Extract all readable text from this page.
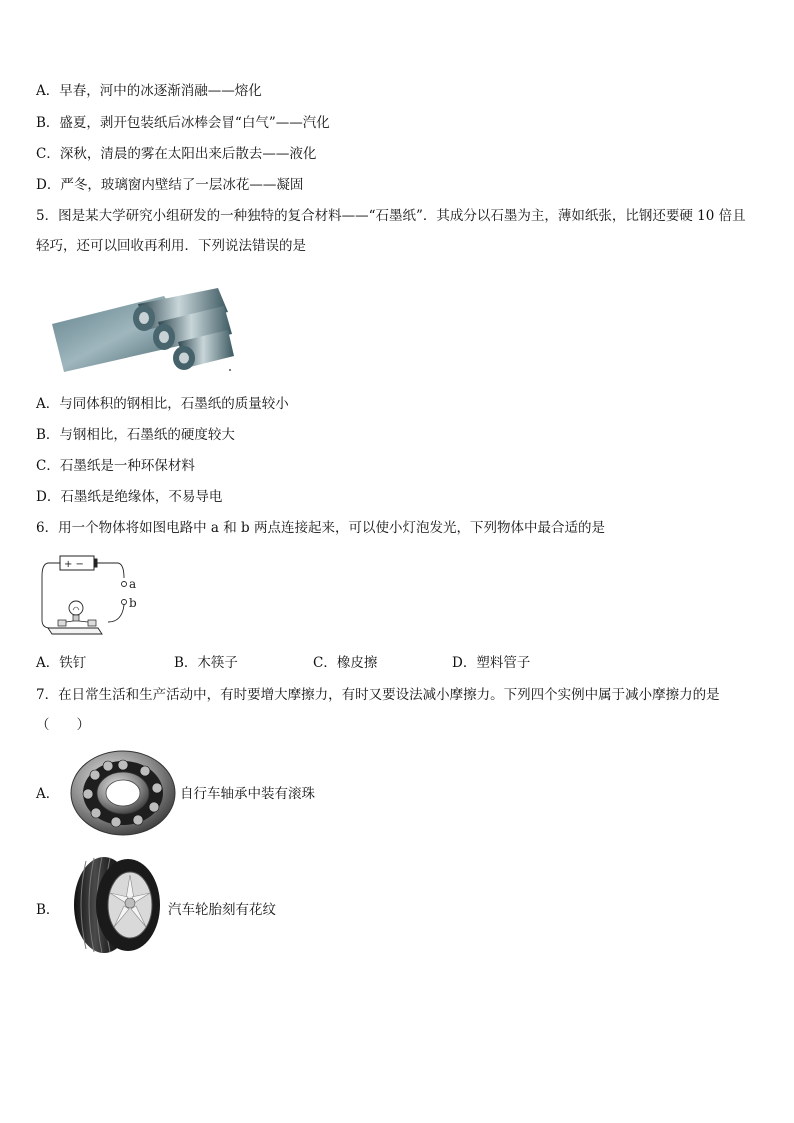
A．早春，河中的冰逐渐消融——熔化
B．盛夏，剥开包装纸后冰棒会冒“白气”——汽化
C．深秋，清晨的雾在太阳出来后散去——液化
D．严冬，玻璃窗内壁结了一层冰花——凝固
5．图是某大学研究小组研发的一种独特的复合材料——“石墨纸”．其成分以石墨为主，薄如纸张，比钢还要硬 10 倍且轻巧，还可以回收再利用．下列说法错误的是
A．与同体积的钢相比，石墨纸的质量较小
B．与钢相比，石墨纸的硬度较大
C．石墨纸是一种环保材料
D．石墨纸是绝缘体，不易导电
6．用一个物体将如图电路中 a 和 b 两点连接起来，可以使小灯泡发光，下列物体中最合适的是
+ −
a
b
A．铁钉	B．木筷子	C．橡皮擦	D．塑料管子
7．在日常生活和生产活动中，有时要增大摩擦力，有时又要设法减小摩擦力。下列四个实例中属于减小摩擦力的是
（　　）
A．	自行车轴承中装有滚珠
B．	汽车轮胎刻有花纹
